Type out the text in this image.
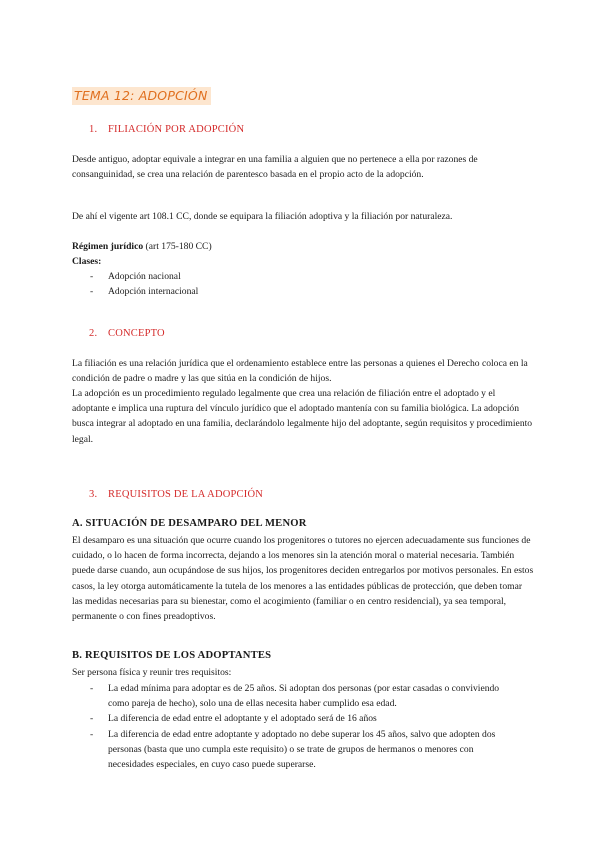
TEMA 12: ADOPCIÓN
1. FILIACIÓN POR ADOPCIÓN

Desde antiguo, adoptar equivale a integrar en una familia a alguien que no pertenece a ella por razones de consanguinidad, se crea una relación de parentesco basada en el propio acto de la adopción.

De ahí el vigente art 108.1 CC, donde se equipara la filiación adoptiva y la filiación por naturaleza.

Régimen jurídico (art 175-180 CC)

Clases:

- Adopción nacional
- Adopción internacional
2. CONCEPTO

La filiación es una relación jurídica que el ordenamiento establece entre las personas a quienes el Derecho coloca en la condición de padre o madre y las que sitúa en la condición de hijos.

La adopción es un procedimiento regulado legalmente que crea una relación de filiación entre el adoptado y el adoptante e implica una ruptura del vínculo jurídico que el adoptado mantenía con su familia biológica. La adopción busca integrar al adoptado en una familia, declarándolo legalmente hijo del adoptante, según requisitos y procedimiento legal.

3. REQUISITOS DE LA ADOPCIÓN
A. SITUACIÓN DE DESAMPARO DEL MENOR

El desamparo es una situación que ocurre cuando los progenitores o tutores no ejercen adecuadamente sus funciones de cuidado, o lo hacen de forma incorrecta, dejando a los menores sin la atención moral o material necesaria. También puede darse cuando, aun ocupándose de sus hijos, los progenitores deciden entregarlos por motivos personales. En estos casos, la ley otorga automáticamente la tutela de los menores a las entidades públicas de protección, que deben tomar las medidas necesarias para su bienestar, como el acogimiento (familiar o en centro residencial), ya sea temporal, permanente o con fines preadoptivos.

B. REQUISITOS DE LOS ADOPTANTES

Ser persona física y reunir tres requisitos:

- La edad mínima para adoptar es de 25 años. Si adoptan dos personas (por estar casadas o conviviendo como pareja de hecho), solo una de ellas necesita haber cumplido esa edad.
- La diferencia de edad entre el adoptante y el adoptado será de 16 años
- La diferencia de edad entre adoptante y adoptado no debe superar los 45 años, salvo que adopten dos personas (basta que uno cumpla este requisito) o se trate de grupos de hermanos o menores con necesidades especiales, en cuyo caso puede superarse.
